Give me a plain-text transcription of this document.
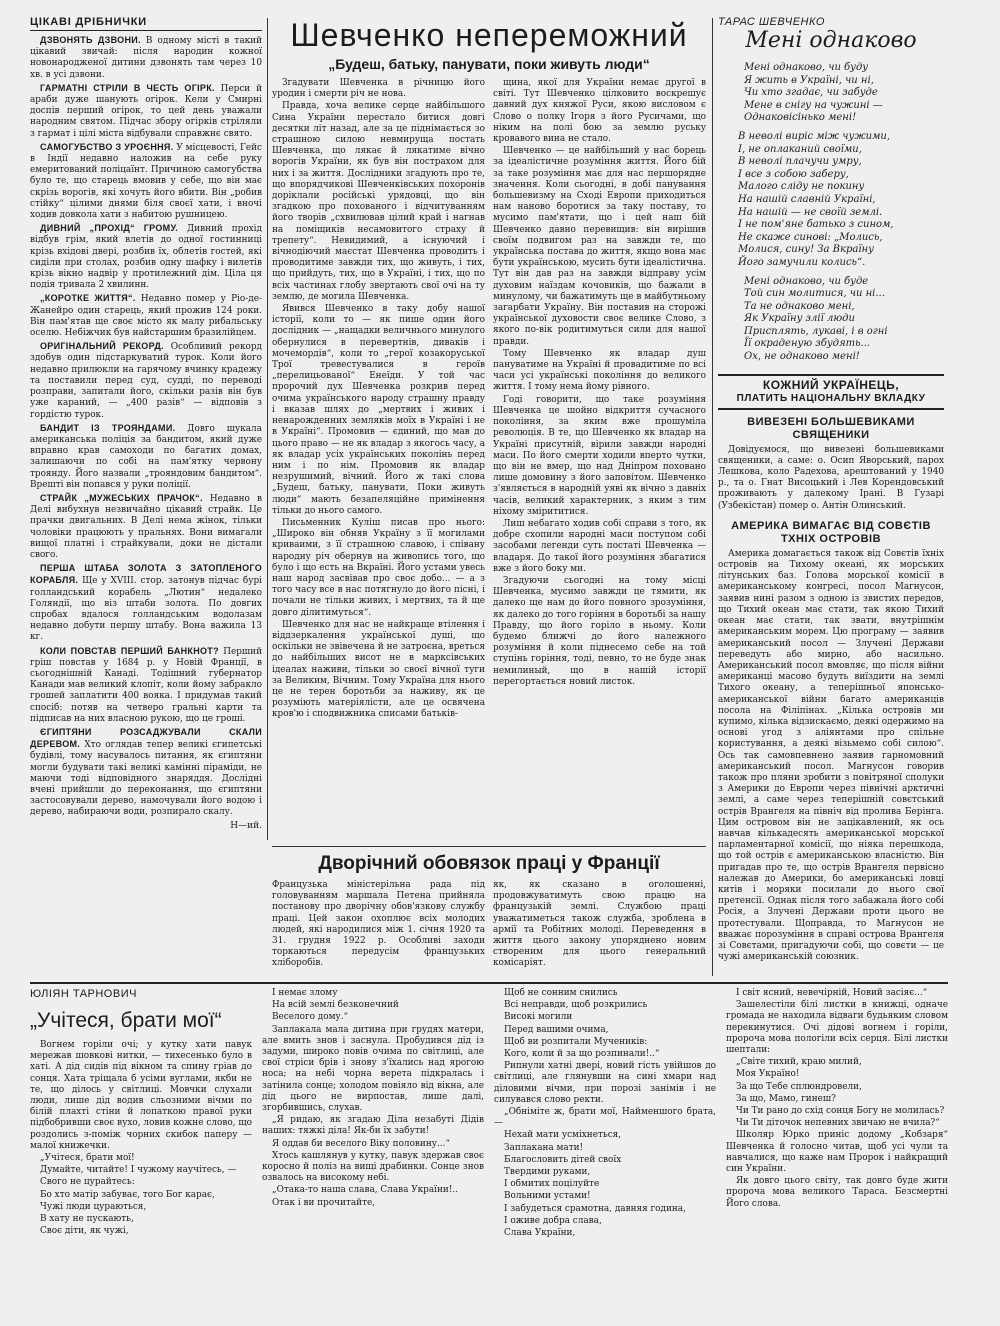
ЦІКАВІ ДРІБНИЧКИ

ДЗВОНЯТЬ ДЗВОНИ. В одному місті в такий цікавий звичай: після народин кожної новонародженої дитини дзвонять там через 10 хв. в усі дзвони.

ГАРМАТНІ СТРІЛИ В ЧЕСТЬ ОГІРК. Перси й араби дуже шанують огірок. Кели у Смирні доспів перший огірок, то цей день уважали народним святом. Підчас збору огірків стріляли з гармат і цілі міста відбували справжнє свято.

САМОГУБСТВО З УРОЄННЯ. У місцевості, Гейс в Індії недавно наложив на себе руку емеритований поліцаїнт. Причиною самогубства було те, що старець вмовив у себе, що він має скрізь ворогів, які хочуть його вбити. Він „робив стійку“ цілими днями біля своєї хати, і вночі ходив довкола хати з набитою рушницею.

ДИВНИЙ „ПРОХІД“ ГРОМУ. Дивний прохід відбув грім, який влетів до одної гостинниці крізь вхідові двері, розбив їх, облетів гостей, які сиділи при столах, розбив одну шафку і вилетів крізь вікно надвір у протилежний дім. Ціла ця подія тривала 2 хвилинн.

„КОРОТКЕ ЖИТТЯ“. Недавно помер у Ріо-де-Жанейро один старець, який прожив 124 роки. Він пам'ятав ще своє місто як малу рибальську оселю. Небіжчик був найстаршим бразилійцем.

ОРИГІНАЛЬНИЙ РЕКОРД. Особливий рекорд здобув один підстаркуватий турок. Коли його недавно прилюкли на гарячому вчинку крадежу та поставили перед суд, судді, по переводі розправи, запитали його, скільки разів він був уже караний, — „400 разів“ — відповів з гордістю турок.

БАНДИТ ІЗ ТРОЯНДАМИ. Довго шукала американська поліція за бандитом, який дуже вправно крав самоходи по багатих домах, залишаючи по собі на пам'ятку червону троянду. Його назвали „трояндовим бандитом“. Врешті він попався у руки поліції.

СТРАЙК „МУЖЕСЬКИХ ПРАЧОК“. Недавно в Делі вибухнув незвичайно цікавий страйк. Це прачки двигальних. В Делі нема жінок, тільки чоловіки працюють у пральнях. Вони вимагали вищої платні і страйкували, доки не дістали свого.

ПЕРША ШТАБА ЗОЛОТА З ЗАТОПЛЕНОГО КОРАБЛЯ. Ще у XVIII. стор. затонув підчас бурі голландський корабель „Лютин“ недалеко Голяндії, що віз штаби золота. По довгих спробах вдалося голландським водолазам недавно добути першу штабу. Вона важила 13 кг.

КОЛИ ПОВСТАВ ПЕРШИЙ БАНКНОТ? Перший гріш повстав у 1684 р. у Новій Франції, в сьогоднішній Канаді. Тодішний губернатор Канади мав великий клопіт, коли йому забракло грошей заплатити 400 вояка. І придумав такий спосіб: потяв на четверо гральні карти та підписав на них власною рукою, що це гроші.

ЄГИПТЯНИ РОЗСАДЖУВАЛИ СКАЛИ ДЕРЕВОМ. Хто оглядав тепер великі єгипетські будівлі, тому насувалось питання, як єгиптяни могли будувати такі великі камінні піраміди, не маючи тоді відповідного знаряддя. Дослідні вчені прийшли до переконання, що єгиптяни застосовували дерево, намочували його водою і дерево, набираючи води, розпирало скалу.

Н—ий.
Шевченко непереможний
„Будеш, батьку, панувати, поки живуть люди“

Згадувати Шевченка в річницю його уродин і смерти річ не нова.

Правда, хоча велике серце найбільшого Сина України перестало битися довгі десятки літ назад, але за це піднімається зо страшною силою невмируща постать Шевченка, що лякає й лякатиме вічно ворогів України, як був він пострахом для них і за життя. Дослідники згадують про те, що впорядчикові Шевченківських похоронів доріклали російські урядовці, що він згадкою про похованого і відчитуванням його творів „схвилював цілий край і нагнав на поміщиків несамовитого страху й трепету“. Невидимий, а існуючий і вічнодіючий маєстат Шевченка проводить і проводитиме завжди тих, що живуть, і тих, що прийдуть, тих, що в Україні, і тих, що по всіх частинах глобу звертають свої очі на ту землю, де могила Шевченка.

Явився Шевченко в таку добу нашої історії, коли то — як пише один його дослідник — „нащадки величнього минулого обернулися в перевертнів, диваків і мочемордів“, коли то „герої козакоруської Трої тревестувалися в героїв „перелицьованої“ Енеїди. У той час пророчий дух Шевченка розкрив перед очима українського народу страшну правду і вказав шлях до „мертвих і живих і ненарожденних земляків моїх в Україні і не в Україні“. Промовив — єдиний, що мав до цього право — не як владар з якогось часу, а як владар усіх українських поколінь перед ним і по нім. Промовив як владар незрушимий, вічний. Його ж такі слова „Будеш, батьку, панувати, Поки живуть люди“ мають безапеляційне примінення тільки до нього самого.

Письменник Куліш писав про нього: „Широко він обняв Україну з її могилами криваими, з її страшною славою, і співану народну річ обернув на живопись того, що було і що есть на Вкраїні. Його устами увесь наш народ засвівав про своє добо... — а з того часу все в нас потягнуло до його пісні, і почали не тільки живих, і мертвих, та й ще довго ділитимуться“.

Шевченко для нас не найкраще втілення і віддзеркалення української душі, що оскільки не звівечена й не затроєна, вреться до найбільших висот не в марксівських ідеалах наживи, тільки зо своєї вічної туги за Великим, Вічним. Тому Україна для нього це не терен боротьби за наживу, як це розуміють матеріялісти, але це освячена кров'ю і сподвижника списами батьків-

щина, якої для України немає другої в світі. Тут Шевченко цілковито воскрешує давний дух княжої Руси, якою висловом є Слово о полку Ігоря з його Русичами, що ніким на полі бою за землю руську кровавого вина не стало.

Шевченко — це найбільший у нас борець за ідеалістичне розуміння життя. Його бій за таке розуміння має для нас першорядне значення. Коли сьогодні, в добі панування большевизму на Сході Европи приходиться нам наново боротися за таку поставу, то мусимо пам'ятати, що і цей наш бій Шевченко давно перевищив: він вирішив своїм подвигом раз на завжди те, що українська постава до життя, якщо вона має бути українською, мусить бути ідеалістична. Тут він дав раз на завжди відправу усім духовим наїздам кочовиків, що бажали в минулому, чи бажатимуть ще в майбутньому загарбати Україну. Він поставив на сторожі української духовости своє велике Слово, з якого по-вік родитимуться сили для нашої правди.

Тому Шевченко як владар душ пануватиме на Україні й провадитиме по всі часи усі українські покоління до великого життя. І тому нема йому рівного.

Годі говорити, що таке розуміння Шевченка це шойно відкриття сучасного покоління, за яким вже прошуміла революція. В те, що Шевченко як владар на Україні присутній, вірили завжди народні маси. По його смерти ходили вперто чутки, що він не вмер, що над Дніпром поховано лише домовину з його заповітом. Шевченко з'являється в народній уяві як вічно з давніх часів, великий характерник, з яким з тим ніхому змірититися.

Лиш небагато ходив собі справи з того, як добре схопили народні маси поступом собі засобами легенди суть постаті Шевченка — владаря. До такої його розуміння збагатися вже з його боку ми.

Згадуючи сьогодні на тому місці Шевченка, мусимо завжди це тямити, як далеко ще нам до його повного зрозуміння, як далеко до того горіння в боротьбі за нашу Правду, що його горіло в ньому. Коли будемо ближчі до його належного розуміння й коли піднесемо себе на той ступінь горіння, тоді, певно, то не буде знак немилиный, що в нашій історії перегортається новий листок.

Дворічний обовязок праці у Франції
Французька міністерільна рада під головуванням маршала Петена прийняла постанову про дворічну обов'язкову службу праці. Цей закон охоплює всіх молодих людей, які народилися між 1. січня 1920 та 31. грудня 1922 р. Особливі заходи торкаються передусім французьких хліборобів.
як, як сказано в оголошенні, продовжуватимуть свою працю на французькій землі. Службою праці уважатиметься також служба, зроблена в армії та Робітних молоді. Переведення в життя цього закону упоряднено новим створеним для цього генеральний комісаріят.
ТАРАС ШЕВЧЕНКО
Мені однаково
Мені однаково, чи буду
Я жить в Україні, чи ні,
Чи хто згадає, чи забуде
Мене в снігу на чужині —
Однаковісінько мені!
В неволі виріс між чужими,
І, не оплаканий своїми,
В неволі плачучи умру,
І все з собою заберу,
Малого сліду не покину
На нашій славній Україні,
На нашій — не своїй землі.
І не пом'яне батько з сином,
Не скаже синові: „Молись,
Молися, сину! За Вкраїну
Його замучили колись“.
Мені однаково, чи буде
Той син молитися, чи ні...
Та не однаково мені,
Як Україну злії люди
Присплять, лукаві, і в огні
Її окраденую збудять...
Ох, не однаково мені!
КОЖНИЙ УКРАЇНЕЦЬ,
ПЛАТИТЬ НАЦІОНАЛЬНУ ВКЛАДКУ
ВИВЕЗЕНІ БОЛЬШЕВИКАМИ
СВЯЩЕНИКИ
Довідуємося, що вивезені большевиками священики, а саме: о. Осип Яворський, парох Лешкова, коло Радехова, арештований у 1940 р., та о. Гнат Висоцький і Лев Корендовський проживають у далекому Ірані. В Гузарі (Узбекістан) помер о. Антін Олинський.
АМЕРИКА ВИМАГАЄ ВІД СОВЄТІВ
ТХНІХ ОСТРОВІВ
Америка домагається також від Совєтів їхніх островів на Тихому океані, як морських літунських баз. Голова морської комісії в американському конгресі, посол Магнусон, заявив нині разом з одною із звистих передов, що Тихий океан має стати, так якою Тихий океан має стати, так звати, внутрішнім американським морем. Цю програму — заявив американський посол — Злучені Держави переведуть або мирно, або насильно. Американський посол вмовляє, що після війни американці масово будуть виїздити на землі Тихого океану, а теперішньої японсько-американської війни багато американців посола на Філіпінах. „Кілька островів ми купимо, кілька відзискаємо, деякі одержимо на основі угод з аліянтами про спільне користування, а деякі візьмемо собі силою“. Ось так самовпевнено заявив гарномовний американський посол. Магнусон говорив також про пляни зробити з повітряної сполуки з Америки до Европи через північні арктичні землі, а саме через теперішній совєтський острів Врангеля на північ від пролива Берінга. Цим островом він не зацікавлений, як ось навчав кількадесять американської морської парламентарної комісії, що ніяка перешкода, що той острів є американською власністю. Він пригадав про те, що острів Врангеля первісно належав до Америки, бо американські ловці китів і моряки посилали до нього свої претенсії. Однак після того забажала його собі Росія, а Злучені Держави проти цього не протестували. Щоправда, то Магнусон не вважає порозуміння в справі острова Врангеля зі Совєтами, пригадуючи собі, що совєти — це чужі американській союзник.
ЮЛІЯН ТАРНОВИЧ
„Учітеся, брати мої“

Вогнем горіли очі; у кутку хати павук мережав шовкові нитки, — тихесенько було в хаті. А дід сидів під вікном та спину гріав до сонця. Хата тріщала б усіми вуглами, якби не те, що ділось у світлиці. Мовчки слухали люди, лише дід водив сльозними вічми по білій плахті стіни й лопаткою правої руки підбобривши своє вухо, ловив кожне слово, що роздолись з-поміж чорних скибок паперу — малої книжечки.

„Учітеся, брати мої!

Думайте, читайте! І чужому научітесь, —

Свого не цурайтесь:

Бо хто матір забуває, того Бог карає,

Чужі люди цураються,

В хату не пускають,

Своє діти, як чужі,

І немає злому

На всій землі безконечний

Веселого дому.“

Заплакала мала дитина при грудях матери, але вмить знов і заснула. Пробудився дід із задуми, широко повів очима по світлиці, але свої стріси брів і знову з'їхались над ярогою носа; на небі чорна верета підкралась і затінила сонце; холодом повіяло від вікна, але дід цього не вирпостав, лише далі, згорбившись, слухав.

„Я ридаю, як згадаю Діла незабуті Дідів наших: тяжкі діла! Як-би їх забути!

Я оддав би веселого Віку половину...“

Хтось кашлянув у кутку, павук здержав своє коросно й поліз на вищі драбинки. Сонце знов озвалось на високому небі.

„Отака-то наша слава, Слава України!..

Отак і ви прочитайте,

Щоб не сонним снились

Всі неправди, щоб розкрились

Високі могили

Перед вашими очима,

Щоб ви розпитали Мучеників:

Кого, коли й за що розпинали!..“

Рипнули хатні двері, новий гість увійшов до світлиці, але глянувши на сині хмари над діловими вічми, при порозі занімів і не силувався слово ректи.

„Обніміте ж, брати мої, Найменшого брата, —

Нехай мати усміхнеться,

Заплакана мати!

Благословить дітей своїх

Твердими руками,

І обмитих поцілуйте

Вольними устами!

І забудеться срамотна, давняя година,

І оживе добра слава,

Слава України,

І світ ясний, невечірній, Новий засіяє...“

Зашелестіли білі листки в книжці, одначе громада не находила відваги будьяким словом перекинутися. Очі дідові вогнем і горіли, пророча мова пологіли всіх серця. Білі листки шептали:

„Світе тихий, краю милий,

Моя Україно!

За що Тебе сплюндровели,

За що, Мамо, гинеш?

Чи Ти рано до схід сонця Богу не молилась?

Чи Ти діточок непевних звичаю не вчила?“

Школяр Юрко приніс додому „Кобзаря“ Шевченка й голосно читав, щоб усі чули та навчалися, що каже нам Пророк і найкращий син України.

Як довго цього світу, так довго буде жити пророча мова великого Тараса. Безсмертні Його слова.
